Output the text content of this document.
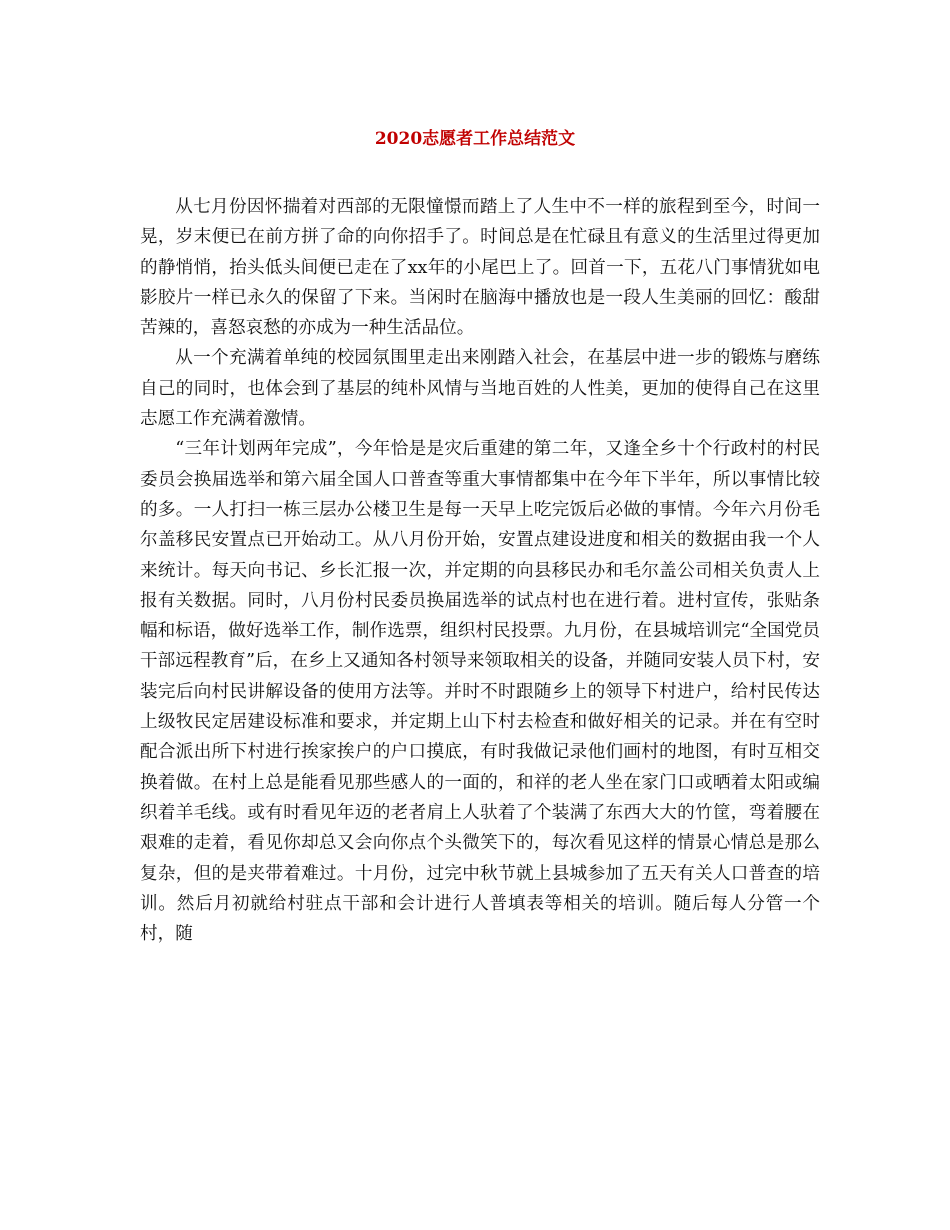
2020志愿者工作总结范文

从七月份因怀揣着对西部的无限憧憬而踏上了人生中不一样的旅程到至今，时间一晃，岁末便已在前方拼了命的向你招手了。时间总是在忙碌且有意义的生活里过得更加的静悄悄，抬头低头间便已走在了xx年的小尾巴上了。回首一下，五花八门事情犹如电影胶片一样已永久的保留了下来。当闲时在脑海中播放也是一段人生美丽的回忆：酸甜苦辣的，喜怒哀愁的亦成为一种生活品位。

从一个充满着单纯的校园氛围里走出来刚踏入社会，在基层中进一步的锻炼与磨练自己的同时，也体会到了基层的纯朴风情与当地百姓的人性美，更加的使得自己在这里志愿工作充满着激情。

“三年计划两年完成”，今年恰是是灾后重建的第二年，又逢全乡十个行政村的村民委员会换届选举和第六届全国人口普查等重大事情都集中在今年下半年，所以事情比较的多。一人打扫一栋三层办公楼卫生是每一天早上吃完饭后必做的事情。今年六月份毛尔盖移民安置点已开始动工。从八月份开始，安置点建设进度和相关的数据由我一个人来统计。每天向书记、乡长汇报一次，并定期的向县移民办和毛尔盖公司相关负责人上报有关数据。同时，八月份村民委员换届选举的试点村也在进行着。进村宣传，张贴条幅和标语，做好选举工作，制作选票，组织村民投票。九月份，在县城培训完“全国党员干部远程教育”后，在乡上又通知各村领导来领取相关的设备，并随同安装人员下村，安装完后向村民讲解设备的使用方法等。并时不时跟随乡上的领导下村进户，给村民传达上级牧民定居建设标准和要求，并定期上山下村去检查和做好相关的记录。并在有空时配合派出所下村进行挨家挨户的户口摸底，有时我做记录他们画村的地图，有时互相交换着做。在村上总是能看见那些感人的一面的，和祥的老人坐在家门口或晒着太阳或编织着羊毛线。或有时看见年迈的老者肩上人驮着了个装满了东西大大的竹筐，弯着腰在艰难的走着，看见你却总又会向你点个头微笑下的，每次看见这样的情景心情总是那么复杂，但的是夹带着难过。十月份，过完中秋节就上县城参加了五天有关人口普查的培训。然后月初就给村驻点干部和会计进行人普填表等相关的培训。随后每人分管一个村，随
